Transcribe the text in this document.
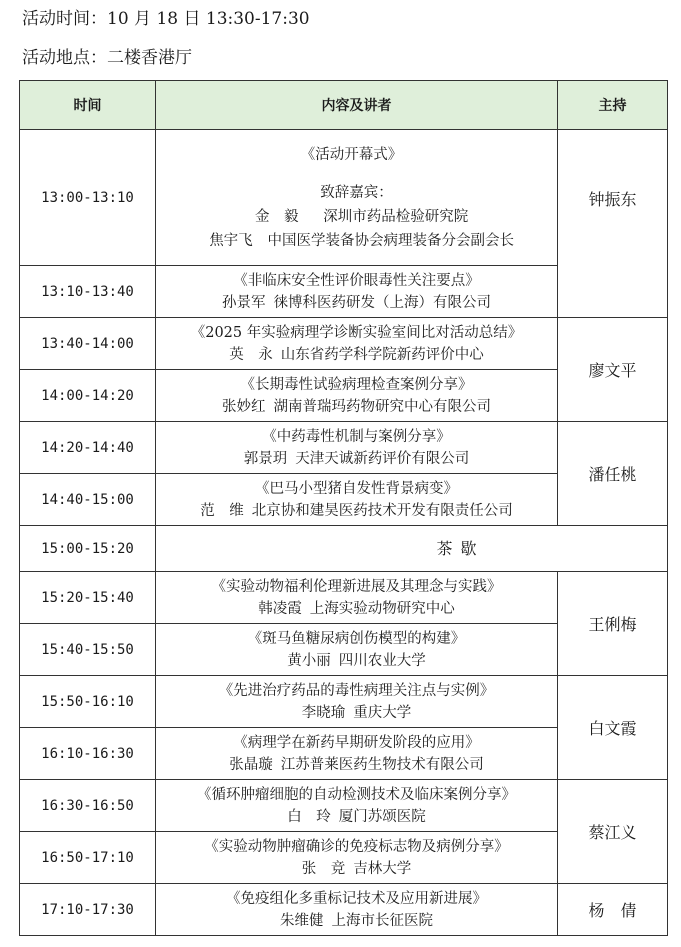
活动时间：10 月 18 日 13:30-17:30
活动地点：二楼香港厅
时间	内容及讲者	主持
13:00-13:10	《活动开幕式》
致辞嘉宾：
金　毅　 深圳市药品检验研究院
焦宇飞 中国医学装备协会病理装备分会副会长	钟振东
13:10-13:40	《非临床安全性评价眼毒性关注要点》
孙景军 徕博科医药研发（上海）有限公司	

13:40-14:00	《2025 年实验病理学诊断实验室间比对活动总结》
英　永 山东省药学科学院新药评价中心	廖文平
14:00-14:20	《长期毒性试验病理检查案例分享》
张妙红 湖南普瑞玛药物研究中心有限公司	

14:20-14:40	《中药毒性机制与案例分享》
郭景玥 天津天诚新药评价有限公司	潘任桃
14:40-15:00	《巴马小型猪自发性背景病变》
范　维 北京协和建昊医药技术开发有限责任公司	

15:00-15:20	茶歇	
15:20-15:40	《实验动物福利伦理新进展及其理念与实践》
韩凌霞 上海实验动物研究中心	王俐梅
15:40-15:50	《斑马鱼糖尿病创伤模型的构建》
黄小丽 四川农业大学	

15:50-16:10	《先进治疗药品的毒性病理关注点与实例》
李晓瑜 重庆大学	白文霞
16:10-16:30	《病理学在新药早期研发阶段的应用》
张晶璇 江苏普莱医药生物技术有限公司	

16:30-16:50	《循环肿瘤细胞的自动检测技术及临床案例分享》
白　玲 厦门苏颂医院	蔡江义
16:50-17:10	《实验动物肿瘤确诊的免疫标志物及病例分享》
张　竞 吉林大学	

17:10-17:30	《免疫组化多重标记技术及应用新进展》
朱维健 上海市长征医院	杨　倩
